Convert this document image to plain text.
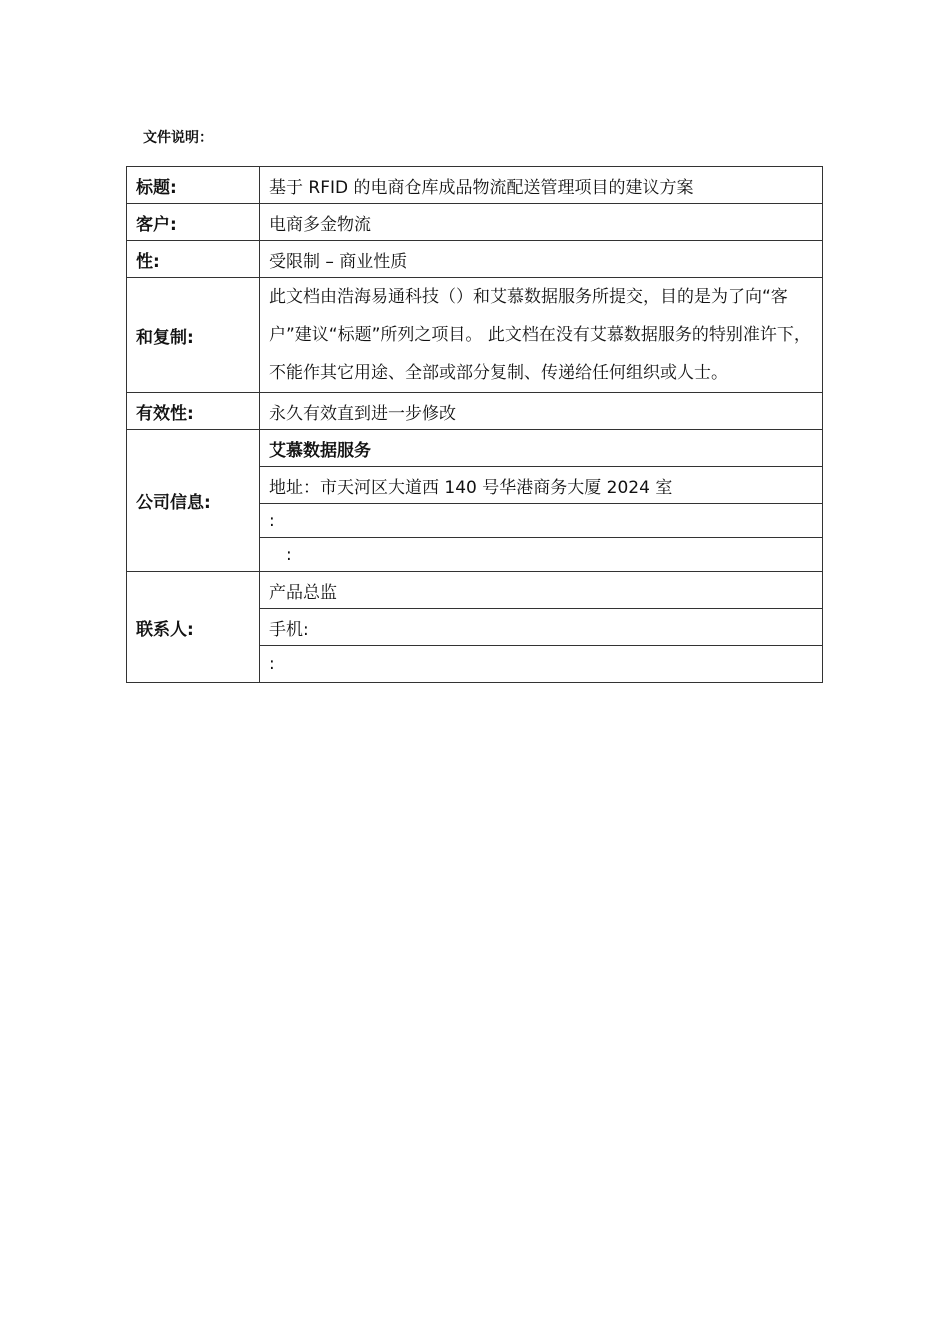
文件说明：
标题:	基于 RFID 的电商仓库成品物流配送管理项目的建议方案
客户:	电商多金物流
性:	受限制 – 商业性质
和复制:	此文档由浩海易通科技（）和艾慕数据服务所提交，目的是为了向“客户”建议“标题”所列之项目。 此文档在没有艾慕数据服务的特别准许下，不能作其它用途、全部或部分复制、传递给任何组织或人士。
有效性:	永久有效直到进一步修改
公司信息:	艾慕数据服务
	地址：市天河区大道西 140 号华港商务大厦 2024 室
	:
	:
联系人:	产品总监
	手机:
	:
